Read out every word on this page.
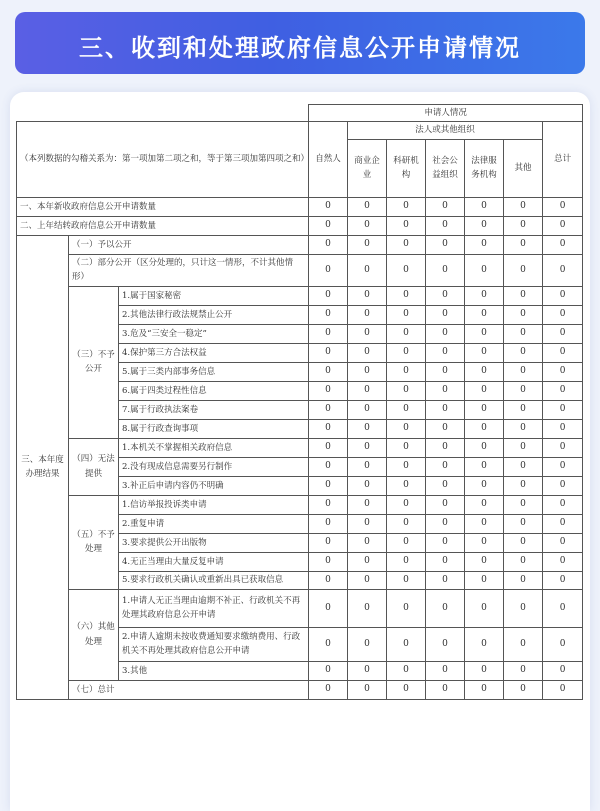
三、收到和处理政府信息公开申请情况
			申请人情况						
（本列数据的勾稽关系为：第一项加第二项之和，等于第三项加第四项之和）			自然人	法人或其他组织					总计
				商业企业	科研机构	社会公益组织	法律服务机构	其他	

一、本年新收政府信息公开申请数量			0	0	0	0	0	0	0
二、上年结转政府信息公开申请数量			0	0	0	0	0	0	0
三、本年度办理结果	（一）予以公开		0	0	0	0	0	0	0
	（二）部分公开（区分处理的，只计这一情形，不计其他情形）		0	0	0	0	0	0	0
	（三）不予公开	1.属于国家秘密	0	0	0	0	0	0	0
		2.其他法律行政法规禁止公开	0	0	0	0	0	0	0
		3.危及“三安全一稳定”	0	0	0	0	0	0	0
		4.保护第三方合法权益	0	0	0	0	0	0	0
		5.属于三类内部事务信息	0	0	0	0	0	0	0
		6.属于四类过程性信息	0	0	0	0	0	0	0
		7.属于行政执法案卷	0	0	0	0	0	0	0
		8.属于行政查询事项	0	0	0	0	0	0	0
	（四）无法提供	1.本机关不掌握相关政府信息	0	0	0	0	0	0	0
		2.没有现成信息需要另行制作	0	0	0	0	0	0	0
		3.补正后申请内容仍不明确	0	0	0	0	0	0	0
	（五）不予处理	1.信访举报投诉类申请	0	0	0	0	0	0	0
		2.重复申请	0	0	0	0	0	0	0
		3.要求提供公开出版物	0	0	0	0	0	0	0
		4.无正当理由大量反复申请	0	0	0	0	0	0	0
		5.要求行政机关确认或重新出具已获取信息	0	0	0	0	0	0	0
	（六）其他处理	1.申请人无正当理由逾期不补正、行政机关不再处理其政府信息公开申请	0	0	0	0	0	0	0
		2.申请人逾期未按收费通知要求缴纳费用、行政机关不再处理其政府信息公开申请	0	0	0	0	0	0	0
		3.其他	0	0	0	0	0	0	0
	（七）总计		0	0	0	0	0	0	0
